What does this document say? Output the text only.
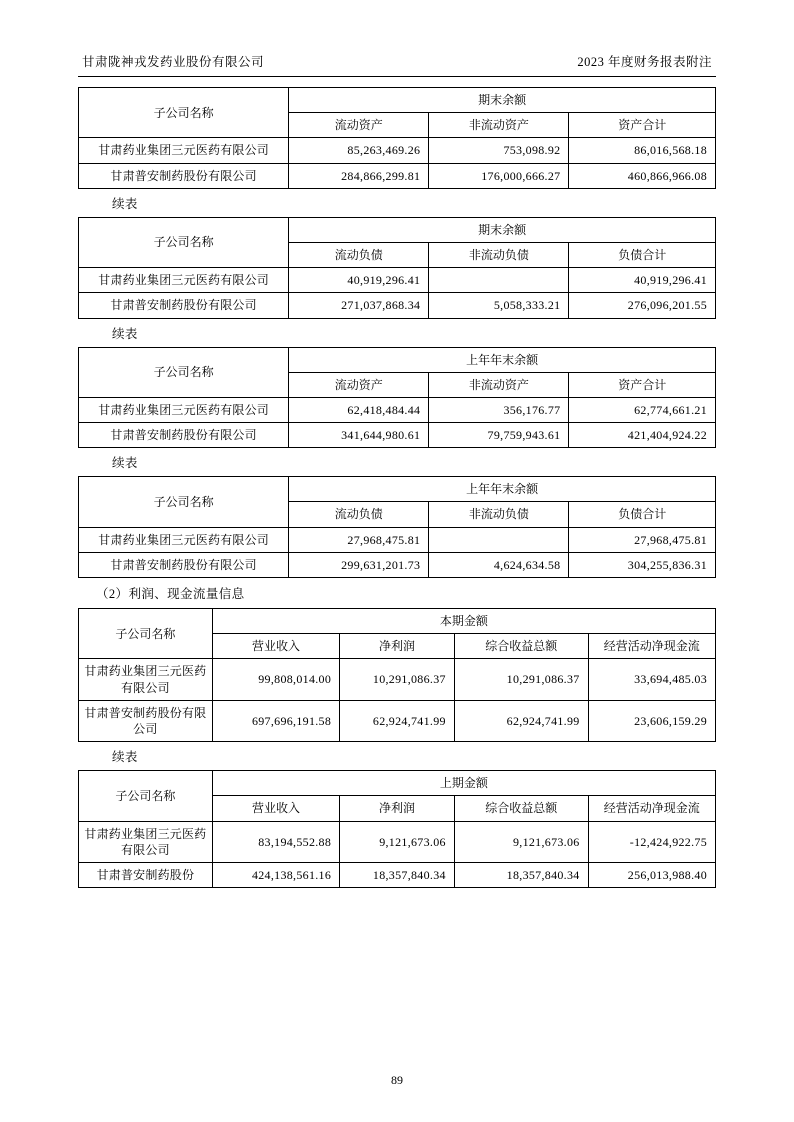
甘肃陇神戎发药业股份有限公司	2023 年度财务报表附注
子公司名称	期末余额		
	流动资产	非流动资产	资产合计
甘肃药业集团三元医药有限公司	85,263,469.26	753,098.92	86,016,568.18
甘肃普安制药股份有限公司	284,866,299.81	176,000,666.27	460,866,966.08
续表
子公司名称	期末余额		
	流动负债	非流动负债	负债合计
甘肃药业集团三元医药有限公司	40,919,296.41		40,919,296.41
甘肃普安制药股份有限公司	271,037,868.34	5,058,333.21	276,096,201.55
续表
子公司名称	上年年末余额		
	流动资产	非流动资产	资产合计
甘肃药业集团三元医药有限公司	62,418,484.44	356,176.77	62,774,661.21
甘肃普安制药股份有限公司	341,644,980.61	79,759,943.61	421,404,924.22
续表
子公司名称	上年年末余额		
	流动负债	非流动负债	负债合计
甘肃药业集团三元医药有限公司	27,968,475.81		27,968,475.81
甘肃普安制药股份有限公司	299,631,201.73	4,624,634.58	304,255,836.31
（2）利润、现金流量信息
子公司名称	本期金额			
	营业收入	净利润	综合收益总额	经营活动净现金流
甘肃药业集团三元医药有限公司	99,808,014.00	10,291,086.37	10,291,086.37	33,694,485.03
甘肃普安制药股份有限公司	697,696,191.58	62,924,741.99	62,924,741.99	23,606,159.29
续表
子公司名称	上期金额			
	营业收入	净利润	综合收益总额	经营活动净现金流
甘肃药业集团三元医药有限公司	83,194,552.88	9,121,673.06	9,121,673.06	-12,424,922.75
甘肃普安制药股份	424,138,561.16	18,357,840.34	18,357,840.34	256,013,988.40
89
